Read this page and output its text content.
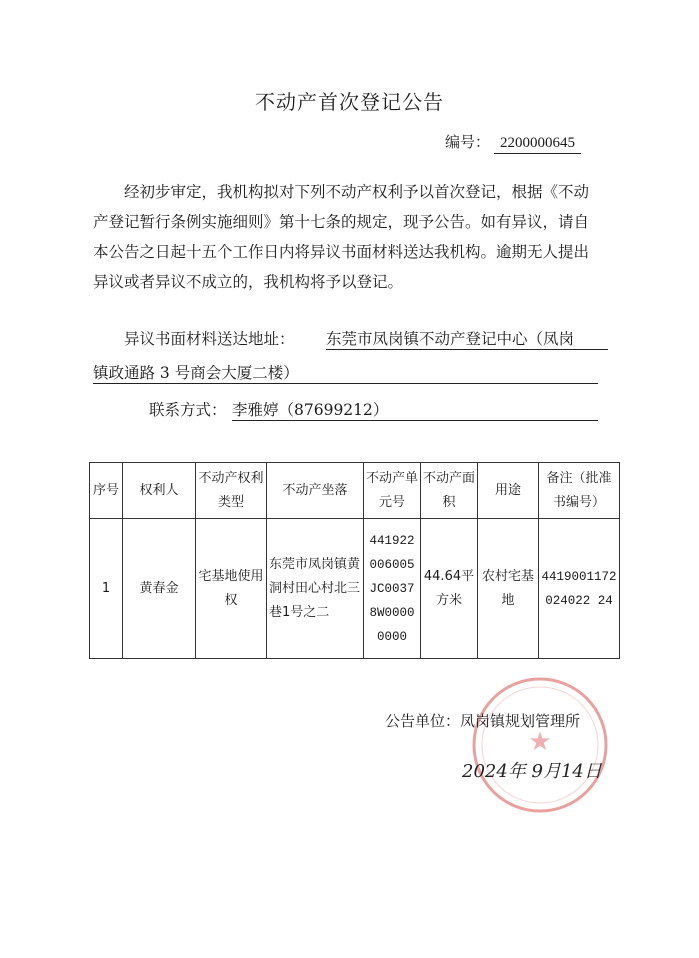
不动产首次登记公告
编号： 2200000645
经初步审定，我机构拟对下列不动产权利予以首次登记，根据《不动产登记暂行条例实施细则》第十七条的规定，现予公告。如有异议，请自本公告之日起十五个工作日内将异议书面材料送达我机构。逾期无人提出异议或者异议不成立的，我机构将予以登记。
异议书面材料送达地址： 东莞市凤岗镇不动产登记中心（凤岗
镇政通路 3 号商会大厦二楼）
联系方式： 李雅婷（87699212）
序号	权利人	不动产权利类型	不动产坐落	不动产单元号	不动产面积	用途	备注（批准书编号）
1	黄春金	宅基地使用权	东莞市凤岗镇黄洞村田心村北三巷1号之二	441922006005JC00378W00000000	44.64平方米	农村宅基地	4419001172024022 24
★
公告单位：凤岗镇规划管理所
2024年 9月14日
